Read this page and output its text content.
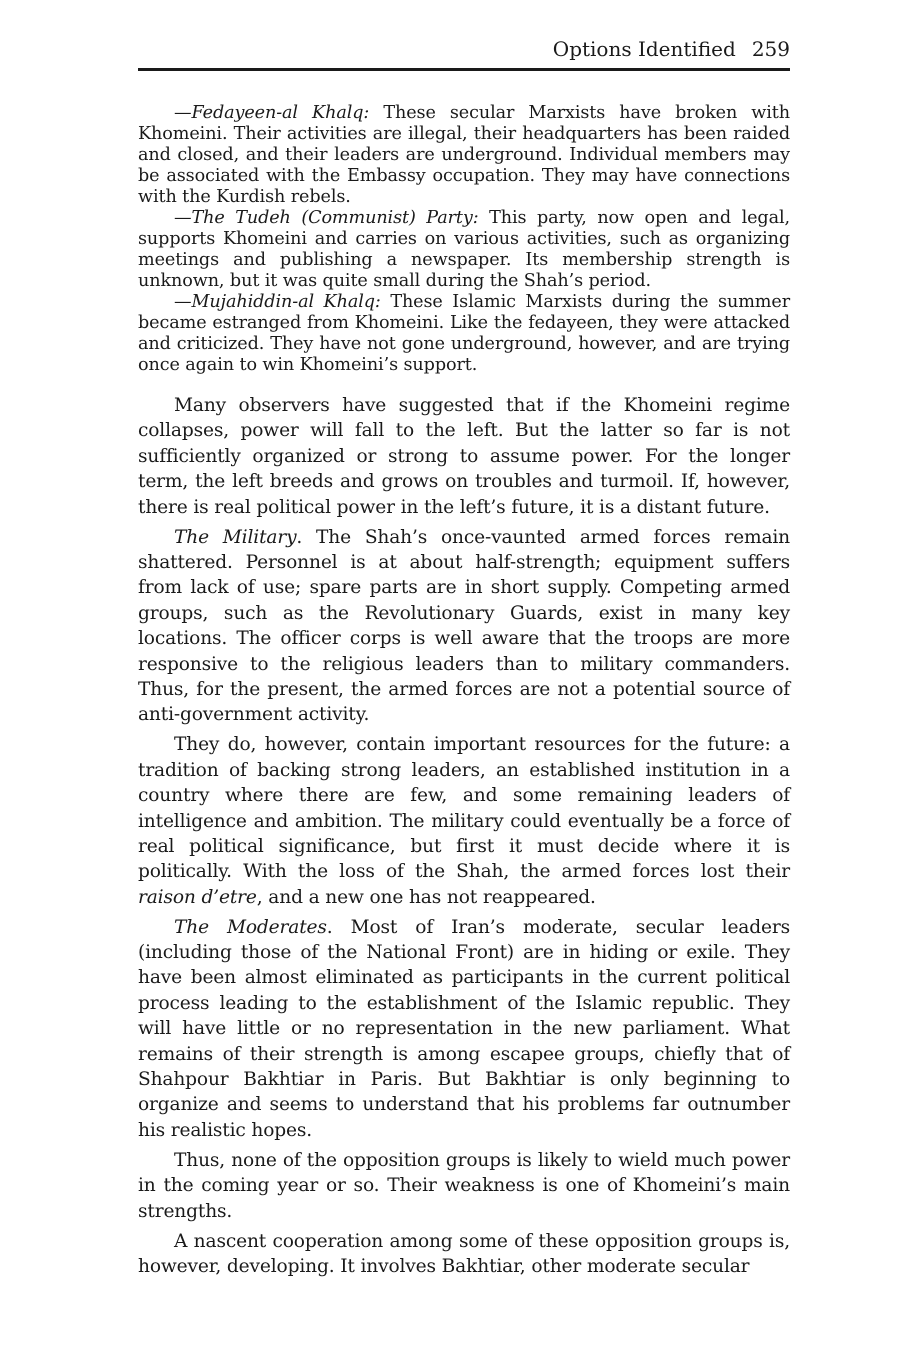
Options Identified 259

—Fedayeen-al Khalq: These secular Marxists have broken with Khomeini. Their activities are illegal, their headquarters has been raided and closed, and their leaders are underground. Individual members may be associated with the Embassy occupation. They may have connections with the Kurdish rebels.

—The Tudeh (Communist) Party: This party, now open and legal, supports Khomeini and carries on various activities, such as organizing meetings and publishing a newspaper. Its membership strength is unknown, but it was quite small during the Shah’s period.

—Mujahiddin-al Khalq: These Islamic Marxists during the summer became estranged from Khomeini. Like the fedayeen, they were attacked and criticized. They have not gone underground, however, and are trying once again to win Khomeini’s support.

Many observers have suggested that if the Khomeini regime collapses, power will fall to the left. But the latter so far is not sufficiently organized or strong to assume power. For the longer term, the left breeds and grows on troubles and turmoil. If, however, there is real political power in the left’s future, it is a distant future.

The Military. The Shah’s once-vaunted armed forces remain shattered. Personnel is at about half-strength; equipment suffers from lack of use; spare parts are in short supply. Competing armed groups, such as the Revolutionary Guards, exist in many key locations. The officer corps is well aware that the troops are more responsive to the religious leaders than to military commanders. Thus, for the present, the armed forces are not a potential source of anti-government activity.

They do, however, contain important resources for the future: a tradition of backing strong leaders, an established institution in a country where there are few, and some remaining leaders of intelligence and ambition. The military could eventually be a force of real political significance, but first it must decide where it is politically. With the loss of the Shah, the armed forces lost their raison d’etre, and a new one has not reappeared.

The Moderates. Most of Iran’s moderate, secular leaders (including those of the National Front) are in hiding or exile. They have been almost eliminated as participants in the current political process leading to the establishment of the Islamic republic. They will have little or no representation in the new parliament. What remains of their strength is among escapee groups, chiefly that of Shahpour Bakhtiar in Paris. But Bakhtiar is only beginning to organize and seems to understand that his problems far outnumber his realistic hopes.

Thus, none of the opposition groups is likely to wield much power in the coming year or so. Their weakness is one of Khomeini’s main strengths.

A nascent cooperation among some of these opposition groups is, however, developing. It involves Bakhtiar, other moderate secular
